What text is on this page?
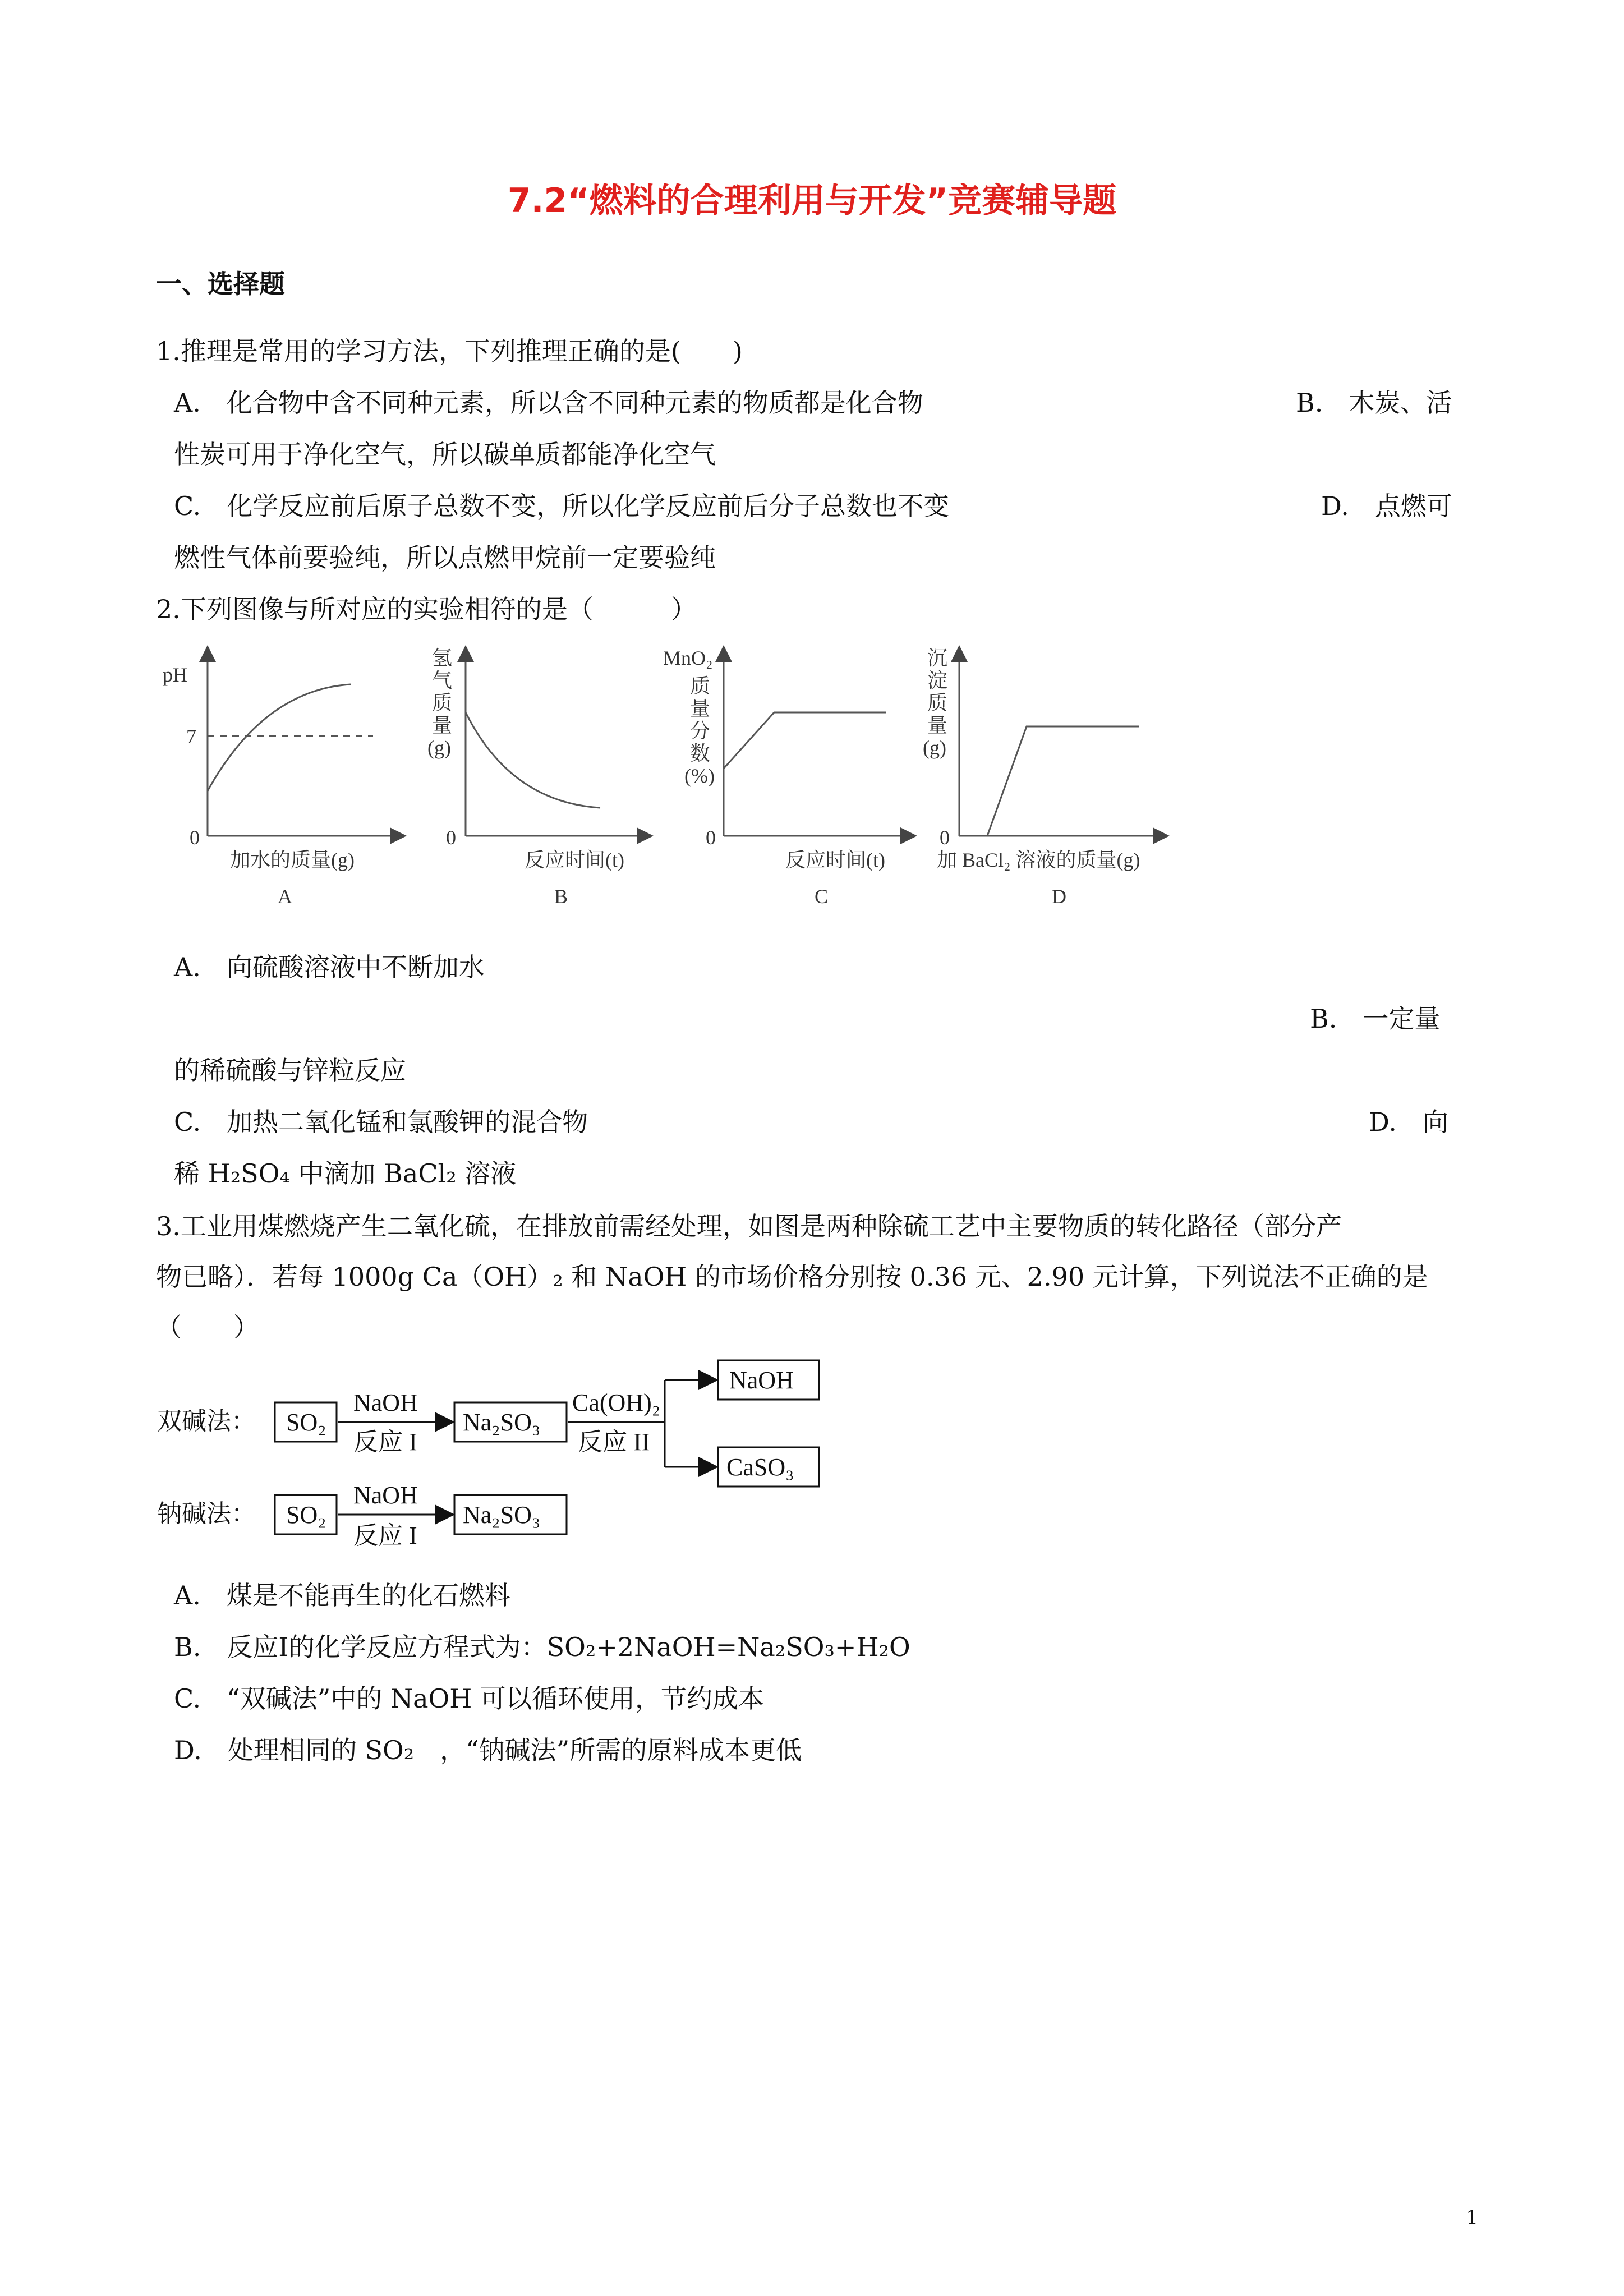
7.2“燃料的合理利用与开发”竞赛辅导题
一、选择题
1.推理是常用的学习方法，下列推理正确的是(　　)
A.　化合物中含不同种元素，所以含不同种元素的物质都是化合物	B.　木炭、活
性炭可用于净化空气，所以碳单质都能净化空气
C.　化学反应前后原子总数不变，所以化学反应前后分子总数也不变	D.　点燃可
燃性气体前要验纯，所以点燃甲烷前一定要验纯
2.下列图像与所对应的实验相符的是（　　　）
pH
7
0
加水的质量(g)
A
氢
气
质
量
(g)
0
反应时间(t)
B
MnO₂
质
量
分
数
(%)
0
反应时间(t)
C
沉
淀
质
量
(g)
0
加 BaCl₂ 溶液的质量(g)
D
A.　向硫酸溶液中不断加水
B.　一定量
的稀硫酸与锌粒反应
C.　加热二氧化锰和氯酸钾的混合物	D.　向
稀 H₂SO₄ 中滴加 BaCl₂ 溶液
3.工业用煤燃烧产生二氧化硫，在排放前需经处理，如图是两种除硫工艺中主要物质的转化路径（部分产
物已略）．若每 1000g Ca（OH）₂ 和 NaOH 的市场价格分别按 0.36 元、2.90 元计算，下列说法不正确的是
（　　）
双碱法： SO₂
NaOH
反应 I
Na₂SO₃
Ca(OH)₂
反应 II
NaOH
CaSO₃
钠碱法： SO₂
NaOH
反应 I
Na₂SO₃
A.　煤是不能再生的化石燃料
B.　反应Ⅰ的化学反应方程式为：SO₂+2NaOH=Na₂SO₃+H₂O
C.　“双碱法”中的 NaOH 可以循环使用，节约成本
D.　处理相同的 SO₂　，“钠碱法”所需的原料成本更低
1
